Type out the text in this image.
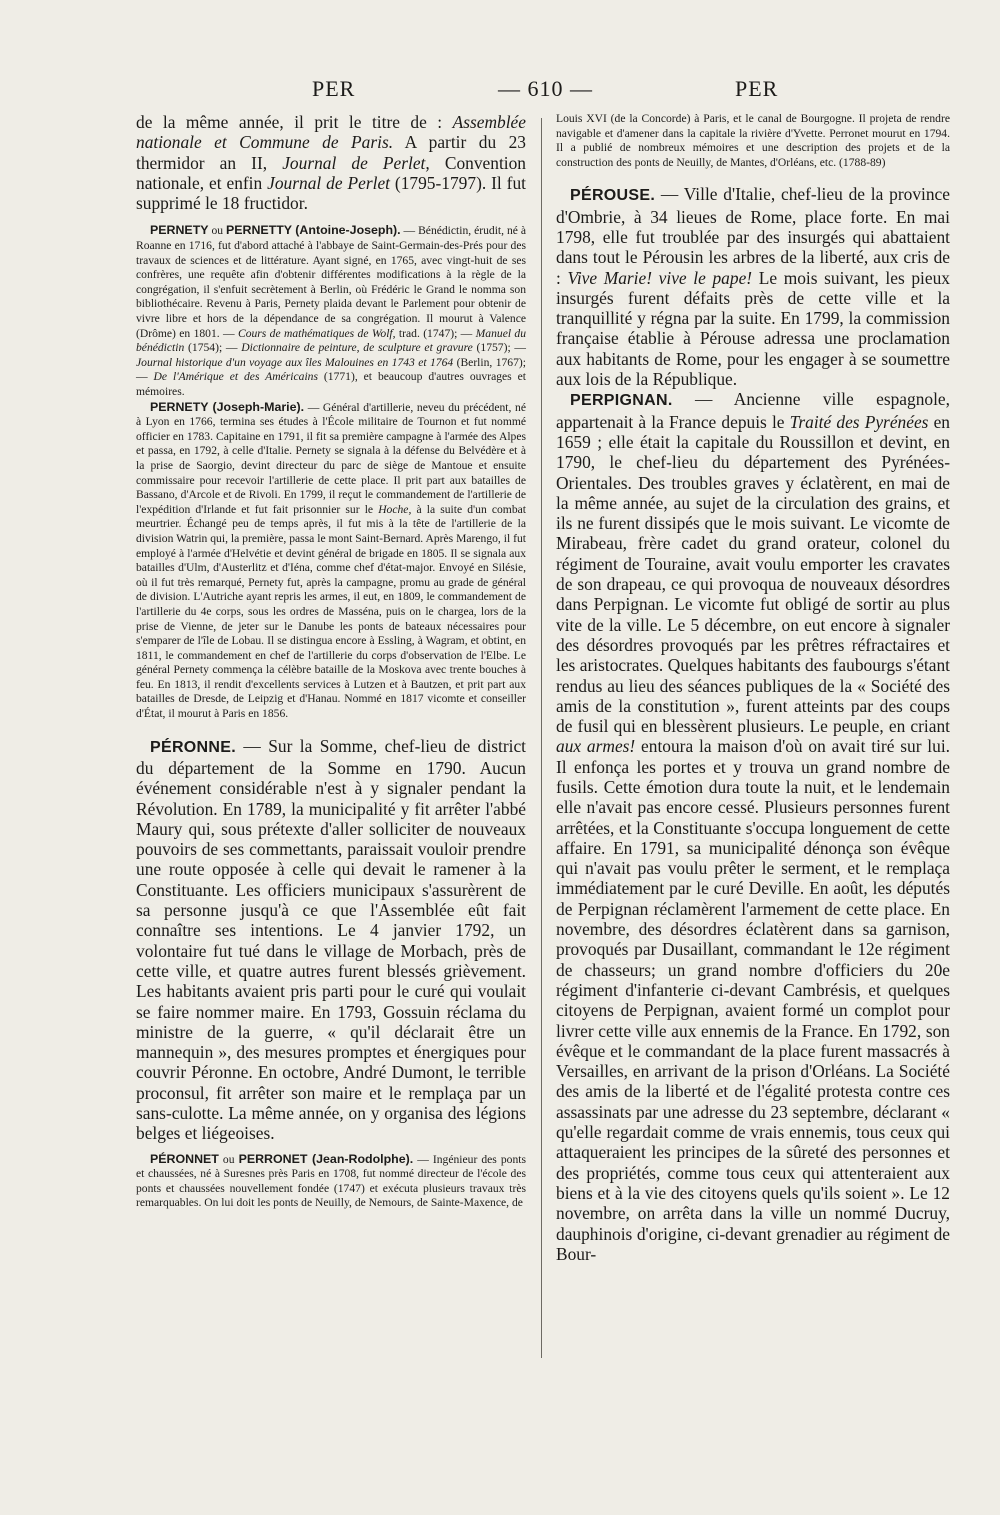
PER	— 610 —	PER

de la même année, il prit le titre de : Assemblée nationale et Commune de Paris. A partir du 23 thermidor an II, Journal de Perlet, Convention nationale, et enfin Journal de Perlet (1795-1797). Il fut supprimé le 18 fructidor.

PERNETY ou PERNETTY (Antoine-Joseph). — Bénédictin, érudit, né à Roanne en 1716, fut d'abord attaché à l'abbaye de Saint-Germain-des-Prés pour des travaux de sciences et de littérature. Ayant signé, en 1765, avec vingt-huit de ses confrères, une requête afin d'obtenir différentes modifications à la règle de la congrégation, il s'enfuit secrètement à Berlin, où Frédéric le Grand le nomma son bibliothécaire. Revenu à Paris, Pernety plaida devant le Parlement pour obtenir de vivre libre et hors de la dépendance de sa congrégation. Il mourut à Valence (Drôme) en 1801. — Cours de mathématiques de Wolf, trad. (1747); — Manuel du bénédictin (1754); — Dictionnaire de peinture, de sculpture et gravure (1757); — Journal historique d'un voyage aux îles Malouines en 1743 et 1764 (Berlin, 1767); — De l'Amérique et des Américains (1771), et beaucoup d'autres ouvrages et mémoires.

PERNETY (Joseph-Marie). — Général d'artillerie, neveu du précédent, né à Lyon en 1766, termina ses études à l'École militaire de Tournon et fut nommé officier en 1783. Capitaine en 1791, il fit sa première campagne à l'armée des Alpes et passa, en 1792, à celle d'Italie. Pernety se signala à la défense du Belvédère et à la prise de Saorgio, devint directeur du parc de siège de Mantoue et ensuite commissaire pour recevoir l'artillerie de cette place. Il prit part aux batailles de Bassano, d'Arcole et de Rivoli. En 1799, il reçut le commandement de l'artillerie de l'expédition d'Irlande et fut fait prisonnier sur le Hoche, à la suite d'un combat meurtrier. Échangé peu de temps après, il fut mis à la tête de l'artillerie de la division Watrin qui, la première, passa le mont Saint-Bernard. Après Marengo, il fut employé à l'armée d'Helvétie et devint général de brigade en 1805. Il se signala aux batailles d'Ulm, d'Austerlitz et d'Iéna, comme chef d'état-major. Envoyé en Silésie, où il fut très remarqué, Pernety fut, après la campagne, promu au grade de général de division. L'Autriche ayant repris les armes, il eut, en 1809, le commandement de l'artillerie du 4e corps, sous les ordres de Masséna, puis on le chargea, lors de la prise de Vienne, de jeter sur le Danube les ponts de bateaux nécessaires pour s'emparer de l'île de Lobau. Il se distingua encore à Essling, à Wagram, et obtint, en 1811, le commandement en chef de l'artillerie du corps d'observation de l'Elbe. Le général Pernety commença la célèbre bataille de la Moskova avec trente bouches à feu. En 1813, il rendit d'excellents services à Lutzen et à Bautzen, et prit part aux batailles de Dresde, de Leipzig et d'Hanau. Nommé en 1817 vicomte et conseiller d'État, il mourut à Paris en 1856.

PÉRONNE. — Sur la Somme, chef-lieu de district du département de la Somme en 1790. Aucun événement considérable n'est à y signaler pendant la Révolution. En 1789, la municipalité y fit arrêter l'abbé Maury qui, sous prétexte d'aller solliciter de nouveaux pouvoirs de ses commettants, paraissait vouloir prendre une route opposée à celle qui devait le ramener à la Constituante. Les officiers municipaux s'assurèrent de sa personne jusqu'à ce que l'Assemblée eût fait connaître ses intentions. Le 4 janvier 1792, un volontaire fut tué dans le village de Morbach, près de cette ville, et quatre autres furent blessés grièvement. Les habitants avaient pris parti pour le curé qui voulait se faire nommer maire. En 1793, Gossuin réclama du ministre de la guerre, « qu'il déclarait être un mannequin », des mesures promptes et énergiques pour couvrir Péronne. En octobre, André Dumont, le terrible proconsul, fit arrêter son maire et le remplaça par un sans-culotte. La même année, on y organisa des légions belges et liégeoises.

PÉRONNET ou PERRONET (Jean-Rodolphe). — Ingénieur des ponts et chaussées, né à Suresnes près Paris en 1708, fut nommé directeur de l'école des ponts et chaussées nouvellement fondée (1747) et exécuta plusieurs travaux très remarquables. On lui doit les ponts de Neuilly, de Nemours, de Sainte-Maxence, de

Louis XVI (de la Concorde) à Paris, et le canal de Bourgogne. Il projeta de rendre navigable et d'amener dans la capitale la rivière d'Yvette. Perronet mourut en 1794. Il a publié de nombreux mémoires et une description des projets et de la construction des ponts de Neuilly, de Mantes, d'Orléans, etc. (1788-89)

PÉROUSE. — Ville d'Italie, chef-lieu de la province d'Ombrie, à 34 lieues de Rome, place forte. En mai 1798, elle fut troublée par des insurgés qui abattaient dans tout le Pérousin les arbres de la liberté, aux cris de : Vive Marie! vive le pape! Le mois suivant, les pieux insurgés furent défaits près de cette ville et la tranquillité y régna par la suite. En 1799, la commission française établie à Pérouse adressa une proclamation aux habitants de Rome, pour les engager à se soumettre aux lois de la République.

PERPIGNAN. — Ancienne ville espagnole, appartenait à la France depuis le Traité des Pyrénées en 1659 ; elle était la capitale du Roussillon et devint, en 1790, le chef-lieu du département des Pyrénées-Orientales. Des troubles graves y éclatèrent, en mai de la même année, au sujet de la circulation des grains, et ils ne furent dissipés que le mois suivant. Le vicomte de Mirabeau, frère cadet du grand orateur, colonel du régiment de Touraine, avait voulu emporter les cravates de son drapeau, ce qui provoqua de nouveaux désordres dans Perpignan. Le vicomte fut obligé de sortir au plus vite de la ville. Le 5 décembre, on eut encore à signaler des désordres provoqués par les prêtres réfractaires et les aristocrates. Quelques habitants des faubourgs s'étant rendus au lieu des séances publiques de la « Société des amis de la constitution », furent atteints par des coups de fusil qui en blessèrent plusieurs. Le peuple, en criant aux armes! entoura la maison d'où on avait tiré sur lui. Il enfonça les portes et y trouva un grand nombre de fusils. Cette émotion dura toute la nuit, et le lendemain elle n'avait pas encore cessé. Plusieurs personnes furent arrêtées, et la Constituante s'occupa longuement de cette affaire. En 1791, sa municipalité dénonça son évêque qui n'avait pas voulu prêter le serment, et le remplaça immédiatement par le curé Deville. En août, les députés de Perpignan réclamèrent l'armement de cette place. En novembre, des désordres éclatèrent dans sa garnison, provoqués par Dusaillant, commandant le 12e régiment de chasseurs; un grand nombre d'officiers du 20e régiment d'infanterie ci-devant Cambrésis, et quelques citoyens de Perpignan, avaient formé un complot pour livrer cette ville aux ennemis de la France. En 1792, son évêque et le commandant de la place furent massacrés à Versailles, en arrivant de la prison d'Orléans. La Société des amis de la liberté et de l'égalité protesta contre ces assassinats par une adresse du 23 septembre, déclarant « qu'elle regardait comme de vrais ennemis, tous ceux qui attaqueraient les principes de la sûreté des personnes et des propriétés, comme tous ceux qui attenteraient aux biens et à la vie des citoyens quels qu'ils soient ». Le 12 novembre, on arrêta dans la ville un nommé Ducruy, dauphinois d'origine, ci-devant grenadier au régiment de Bour-
